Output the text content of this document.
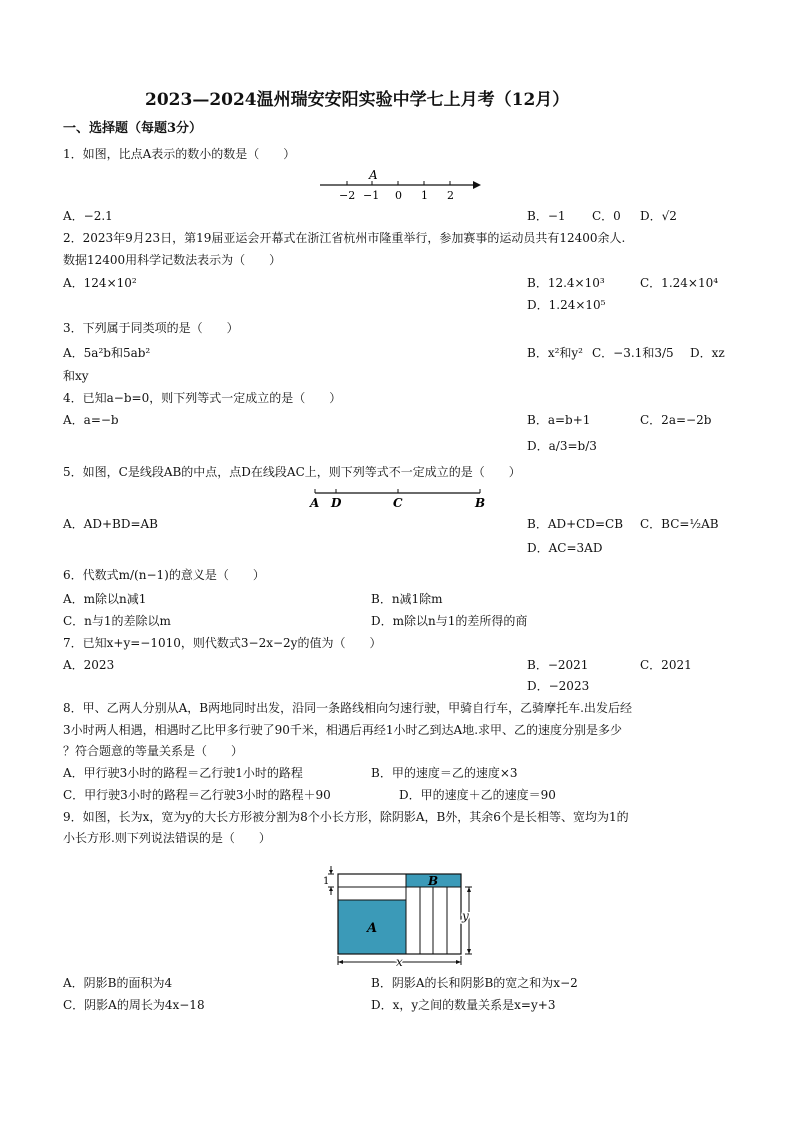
2023—2024温州瑞安安阳实验中学七上月考（12月）
一、选择题（每题3分）
1．如图，比点A表示的数小的数是（　　）
A
−2 −1 0 1 2
A．−2.1	B．−1 C．0 D．√2
2．2023年9月23日，第19届亚运会开幕式在浙江省杭州市隆重举行，参加赛事的运动员共有12400余人.
数据12400用科学记数法表示为（　　）
A．124×10²	B．12.4×10³	C．1.24×10⁴
D．1.24×10⁵
3．下列属于同类项的是（　　）
A．5a²b和5ab²	B．x²和y² C．−3.1和3/5 D．xz
和xy
4．已知a−b=0，则下列等式一定成立的是（　　）
A．a=−b	B．a=b+1	C．2a=−2b
D．a/3=b/3
5．如图，C是线段AB的中点，点D在线段AC上，则下列等式不一定成立的是（　　）
A D	C	B
A．AD+BD=AB	B．AD+CD=CB C．BC=½AB
D．AC=3AD
6．代数式m/(n−1)的意义是（　　）
A．m除以n减1	B．n减1除m
C．n与1的差除以m	D．m除以n与1的差所得的商
7．已知x+y=−1010，则代数式3−2x−2y的值为（　　）
A．2023	B．−2021	C．2021
D．−2023
8．甲、乙两人分别从A，B两地同时出发，沿同一条路线相向匀速行驶，甲骑自行车，乙骑摩托车.出发后经
3小时两人相遇，相遇时乙比甲多行驶了90千米，相遇后再经1小时乙到达A地.求甲、乙的速度分别是多少
？符合题意的等量关系是（　　）
A．甲行驶3小时的路程＝乙行驶1小时的路程	B．甲的速度＝乙的速度×3
C．甲行驶3小时的路程＝乙行驶3小时的路程＋90	D．甲的速度＋乙的速度＝90
9．如图，长为x，宽为y的大长方形被分割为8个小长方形，除阴影A，B外，其余6个是长相等、宽均为1的
小长方形.则下列说法错误的是（　　）
1
y
x
A
B
A．阴影B的面积为4	B．阴影A的长和阴影B的宽之和为x−2
C．阴影A的周长为4x−18	D．x，y之间的数量关系是x=y+3
